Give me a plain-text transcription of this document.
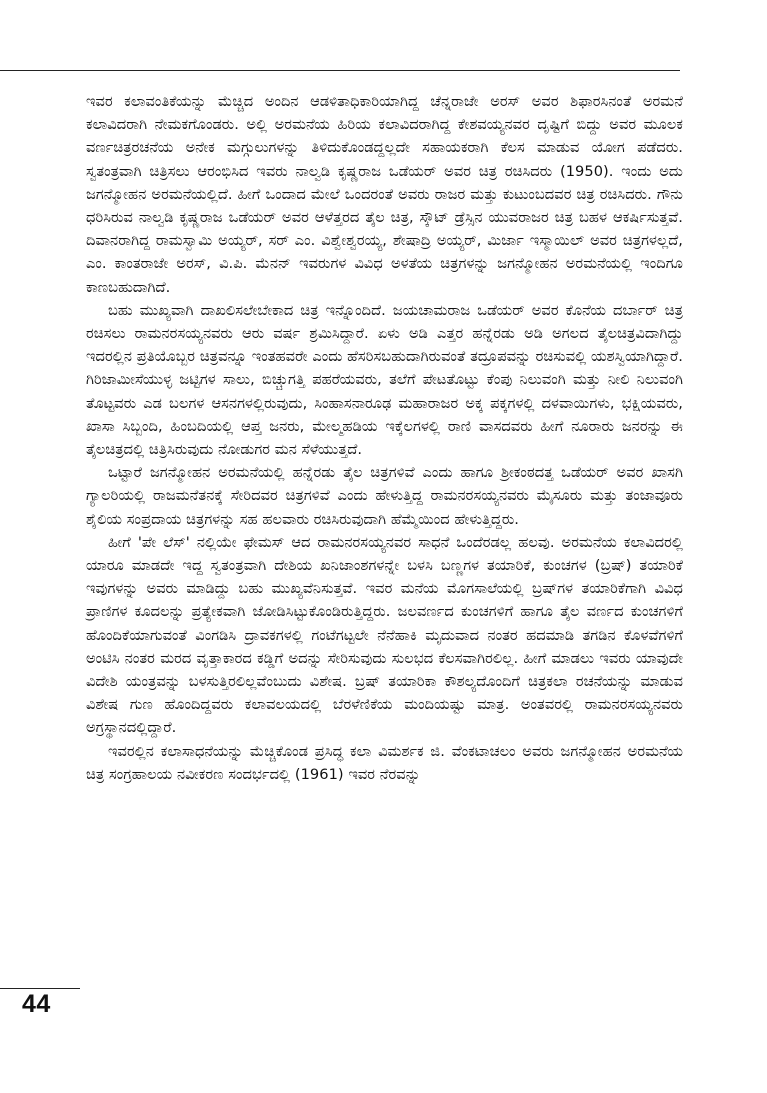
ಇವರ ಕಲಾವಂತಿಕೆಯನ್ನು ಮೆಚ್ಚಿದ ಅಂದಿನ ಆಡಳಿತಾಧಿಕಾರಿಯಾಗಿದ್ದ ಚೆನ್ನರಾಜೇ ಅರಸ್ ಅವರ ಶಿಫಾರಸಿನಂತೆ ಅರಮನೆ ಕಲಾವಿದರಾಗಿ ನೇಮಕಗೊಂಡರು. ಅಲ್ಲಿ ಅರಮನೆಯ ಹಿರಿಯ ಕಲಾವಿದರಾಗಿದ್ದ ಕೇಶವಯ್ಯನವರ ದೃಷ್ಟಿಗೆ ಬಿದ್ದು ಅವರ ಮೂಲಕ ವರ್ಣಚಿತ್ರರಚನೆಯ ಅನೇಕ ಮಗ್ಗುಲುಗಳನ್ನು ತಿಳಿದುಕೊಂಡದ್ದಲ್ಲದೇ ಸಹಾಯಕರಾಗಿ ಕೆಲಸ ಮಾಡುವ ಯೋಗ ಪಡೆದರು. ಸ್ವತಂತ್ರವಾಗಿ ಚಿತ್ರಿಸಲು ಆರಂಭಿಸಿದ ಇವರು ನಾಲ್ವಡಿ ಕೃಷ್ಣರಾಜ ಒಡೆಯರ್ ಅವರ ಚಿತ್ರ ರಚಿಸಿದರು (1950). ಇಂದು ಅದು ಜಗನ್ಮೋಹನ ಅರಮನೆಯಲ್ಲಿದೆ. ಹೀಗೆ ಒಂದಾದ ಮೇಲೆ ಒಂದರಂತೆ ಅವರು ರಾಜರ ಮತ್ತು ಕುಟುಂಬದವರ ಚಿತ್ರ ರಚಿಸಿದರು. ಗೌನು ಧರಿಸಿರುವ ನಾಲ್ವಡಿ ಕೃಷ್ಣರಾಜ ಒಡೆಯರ್ ಅವರ ಆಳೆತ್ತರದ ತೈಲ ಚಿತ್ರ, ಸ್ಕೌಟ್ ಡ್ರೆಸ್ಸಿನ ಯುವರಾಜರ ಚಿತ್ರ ಬಹಳ ಆಕರ್ಷಿಸುತ್ತವೆ. ದಿವಾನರಾಗಿದ್ದ ರಾಮಸ್ವಾಮಿ ಅಯ್ಯರ್, ಸರ್ ಎಂ. ವಿಶ್ವೇಶ್ವರಯ್ಯ, ಶೇಷಾದ್ರಿ ಅಯ್ಯರ್, ಮಿರ್ಜಾ ಇಸ್ಮಾಯಿಲ್ ಅವರ ಚಿತ್ರಗಳಲ್ಲದೆ, ಎಂ. ಕಾಂತರಾಜೇ ಅರಸ್, ವಿ.ಪಿ. ಮೆನನ್ ಇವರುಗಳ ವಿವಿಧ ಅಳತೆಯ ಚಿತ್ರಗಳನ್ನು ಜಗನ್ಮೋಹನ ಅರಮನೆಯಲ್ಲಿ ಇಂದಿಗೂ ಕಾಣಬಹುದಾಗಿದೆ.

ಬಹು ಮುಖ್ಯವಾಗಿ ದಾಖಲಿಸಲೇಬೇಕಾದ ಚಿತ್ರ ಇನ್ನೊಂದಿದೆ. ಜಯಚಾಮರಾಜ ಒಡೆಯರ್ ಅವರ ಕೊನೆಯ ದರ್ಬಾರ್ ಚಿತ್ರ ರಚಿಸಲು ರಾಮನರಸಯ್ಯನವರು ಆರು ವರ್ಷ ಶ್ರಮಿಸಿದ್ದಾರೆ. ಏಳು ಅಡಿ ಎತ್ತರ ಹನ್ನೆರಡು ಅಡಿ ಅಗಲದ ತೈಲಚಿತ್ರವಿದಾಗಿದ್ದು ಇದರಲ್ಲಿನ ಪ್ರತಿಯೊಬ್ಬರ ಚಿತ್ರವನ್ನೂ ಇಂತಹವರೇ ಎಂದು ಹೆಸರಿಸಬಹುದಾಗಿರುವಂತೆ ತದ್ರೂಪವನ್ನು ರಚಿಸುವಲ್ಲಿ ಯಶಸ್ವಿಯಾಗಿದ್ದಾರೆ. ಗಿರಿಜಾಮೀಸೆಯುಳ್ಳ ಜಟ್ಟಿಗಳ ಸಾಲು, ಬಿಚ್ಚುಗತ್ತಿ ಪಹರೆಯವರು, ತಲೆಗೆ ಪೇಟತೊಟ್ಟು ಕೆಂಪು ನಿಲುವಂಗಿ ಮತ್ತು ನೀಲಿ ನಿಲುವಂಗಿ ತೊಟ್ಟವರು ಎಡ ಬಲಗಳ ಆಸನಗಳಲ್ಲಿರುವುದು, ಸಿಂಹಾಸನಾರೂಢ ಮಹಾರಾಜರ ಅಕ್ಕ ಪಕ್ಕಗಳಲ್ಲಿ ದಳವಾಯಿಗಳು, ಭಕ್ಷಿಯವರು, ಖಾಸಾ ಸಿಬ್ಬಂದಿ, ಹಿಂಬದಿಯಲ್ಲಿ ಆಪ್ತ ಜನರು, ಮೇಲ್ಮಹಡಿಯ ಇಕ್ಕೆಲಗಳಲ್ಲಿ ರಾಣಿ ವಾಸದವರು ಹೀಗೆ ನೂರಾರು ಜನರನ್ನು ಈ ತೈಲಚಿತ್ರದಲ್ಲಿ ಚಿತ್ರಿಸಿರುವುದು ನೋಡುಗರ ಮನ ಸೆಳೆಯುತ್ತದೆ.

ಒಟ್ಟಾರೆ ಜಗನ್ಮೋಹನ ಅರಮನೆಯಲ್ಲಿ ಹನ್ನೆರಡು ತೈಲ ಚಿತ್ರಗಳಿವೆ ಎಂದು ಹಾಗೂ ಶ್ರೀಕಂಠದತ್ತ ಒಡೆಯರ್ ಅವರ ಖಾಸಗಿ ಗ್ಯಾಲರಿಯಲ್ಲಿ ರಾಜಮನೆತನಕ್ಕೆ ಸೇರಿದವರ ಚಿತ್ರಗಳಿವೆ ಎಂದು ಹೇಳುತ್ತಿದ್ದ ರಾಮನರಸಯ್ಯನವರು ಮೈಸೂರು ಮತ್ತು ತಂಜಾವೂರು ಶೈಲಿಯ ಸಂಪ್ರದಾಯ ಚಿತ್ರಗಳನ್ನು ಸಹ ಹಲವಾರು ರಚಿಸಿರುವುದಾಗಿ ಹೆಮ್ಮೆಯಿಂದ ಹೇಳುತ್ತಿದ್ದರು.

ಹೀಗೆ 'ಪೇ ಲೆಸ್' ನಲ್ಲಿಯೇ ಫೇಮಸ್ ಆದ ರಾಮನರಸಯ್ಯನವರ ಸಾಧನೆ ಒಂದೆರಡಲ್ಲ ಹಲವು. ಅರಮನೆಯ ಕಲಾವಿದರಲ್ಲಿ ಯಾರೂ ಮಾಡದೇ ಇದ್ದ ಸ್ವತಂತ್ರವಾಗಿ ದೇಶಿಯ ಖನಿಜಾಂಶಗಳನ್ನೇ ಬಳಸಿ ಬಣ್ಣಗಳ ತಯಾರಿಕೆ, ಕುಂಚಗಳ (ಬ್ರಷ್) ತಯಾರಿಕೆ ಇವುಗಳನ್ನು ಅವರು ಮಾಡಿದ್ದು ಬಹು ಮುಖ್ಯವೆನಿಸುತ್ತವೆ. ಇವರ ಮನೆಯ ಮೊಗಸಾಲೆಯಲ್ಲಿ ಬ್ರಷ್‌ಗಳ ತಯಾರಿಕೆಗಾಗಿ ವಿವಿಧ ಪ್ರಾಣಿಗಳ ಕೂದಲನ್ನು ಪ್ರತ್ಯೇಕವಾಗಿ ಜೋಡಿಸಿಟ್ಟುಕೊಂಡಿರುತ್ತಿದ್ದರು. ಜಲವರ್ಣದ ಕುಂಚಗಳಿಗೆ ಹಾಗೂ ತೈಲ ವರ್ಣದ ಕುಂಚಗಳಿಗೆ ಹೊಂದಿಕೆಯಾಗುವಂತೆ ವಿಂಗಡಿಸಿ ದ್ರಾವಕಗಳಲ್ಲಿ ಗಂಟೆಗಟ್ಟಲೇ ನೆನೆಹಾಕಿ ಮೃದುವಾದ ನಂತರ ಹದಮಾಡಿ ತಗಡಿನ ಕೊಳವೆಗಳಿಗೆ ಅಂಟಿಸಿ ನಂತರ ಮರದ ವೃತ್ತಾಕಾರದ ಕಡ್ಡಿಗೆ ಅದನ್ನು ಸೇರಿಸುವುದು ಸುಲಭದ ಕೆಲಸವಾಗಿರಲಿಲ್ಲ. ಹೀಗೆ ಮಾಡಲು ಇವರು ಯಾವುದೇ ವಿದೇಶಿ ಯಂತ್ರವನ್ನು ಬಳಸುತ್ತಿರಲಿಲ್ಲವೆಂಬುದು ವಿಶೇಷ. ಬ್ರಷ್ ತಯಾರಿಕಾ ಕೌಶಲ್ಯದೊಂದಿಗೆ ಚಿತ್ರಕಲಾ ರಚನೆಯನ್ನು ಮಾಡುವ ವಿಶೇಷ ಗುಣ ಹೊಂದಿದ್ದವರು ಕಲಾವಲಯದಲ್ಲಿ ಬೆರಳೆಣಿಕೆಯ ಮಂದಿಯಷ್ಟು ಮಾತ್ರ. ಅಂತವರಲ್ಲಿ ರಾಮನರಸಯ್ಯನವರು ಅಗ್ರಸ್ಥಾನದಲ್ಲಿದ್ದಾರೆ.

ಇವರಲ್ಲಿನ ಕಲಾಸಾಧನೆಯನ್ನು ಮೆಚ್ಚಿಕೊಂಡ ಪ್ರಸಿದ್ಧ ಕಲಾ ವಿಮರ್ಶಕ ಜಿ. ವೆಂಕಟಾಚಲಂ ಅವರು ಜಗನ್ಮೋಹನ ಅರಮನೆಯ ಚಿತ್ರ ಸಂಗ್ರಹಾಲಯ ನವೀಕರಣ ಸಂದರ್ಭದಲ್ಲಿ (1961) ಇವರ ನೆರವನ್ನು

44
